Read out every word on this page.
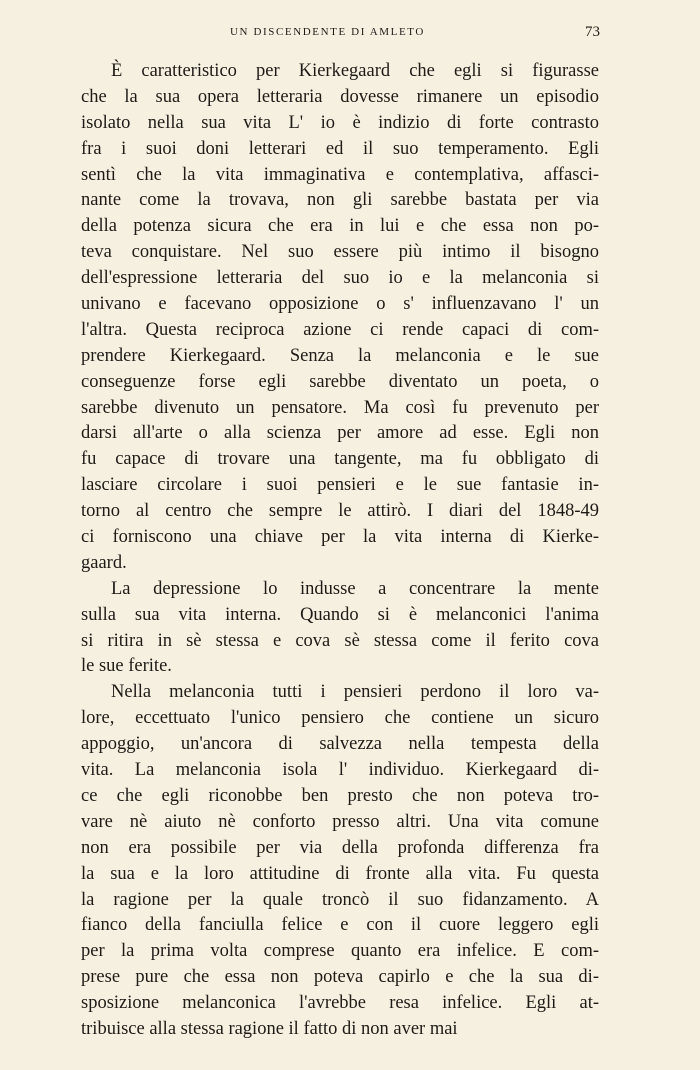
UN DISCENDENTE DI AMLETO	73
È caratteristico per Kierkegaard che egli si figurasse
che la sua opera letteraria dovesse rimanere un episodio
isolato nella sua vita L' io è indizio di forte contrasto
fra i suoi doni letterari ed il suo temperamento. Egli
sentì che la vita immaginativa e contemplativa, affasci-
nante come la trovava, non gli sarebbe bastata per via
della potenza sicura che era in lui e che essa non po-
teva conquistare. Nel suo essere più intimo il bisogno
dell'espressione letteraria del suo io e la melanconia si
univano e facevano opposizione o s' influenzavano l' un
l'altra. Questa reciproca azione ci rende capaci di com-
prendere Kierkegaard. Senza la melanconia e le sue
conseguenze forse egli sarebbe diventato un poeta, o
sarebbe divenuto un pensatore. Ma così fu prevenuto per
darsi all'arte o alla scienza per amore ad esse. Egli non
fu capace di trovare una tangente, ma fu obbligato di
lasciare circolare i suoi pensieri e le sue fantasie in-
torno al centro che sempre le attirò. I diari del 1848-49
ci forniscono una chiave per la vita interna di Kierke-
gaard.
La depressione lo indusse a concentrare la mente
sulla sua vita interna. Quando si è melanconici l'anima
si ritira in sè stessa e cova sè stessa come il ferito cova
le sue ferite.
Nella melanconia tutti i pensieri perdono il loro va-
lore, eccettuato l'unico pensiero che contiene un sicuro
appoggio, un'ancora di salvezza nella tempesta della
vita. La melanconia isola l' individuo. Kierkegaard di-
ce che egli riconobbe ben presto che non poteva tro-
vare nè aiuto nè conforto presso altri. Una vita comune
non era possibile per via della profonda differenza fra
la sua e la loro attitudine di fronte alla vita. Fu questa
la ragione per la quale troncò il suo fidanzamento. A
fianco della fanciulla felice e con il cuore leggero egli
per la prima volta comprese quanto era infelice. E com-
prese pure che essa non poteva capirlo e che la sua di-
sposizione melanconica l'avrebbe resa infelice. Egli at-
tribuisce alla stessa ragione il fatto di non aver mai
